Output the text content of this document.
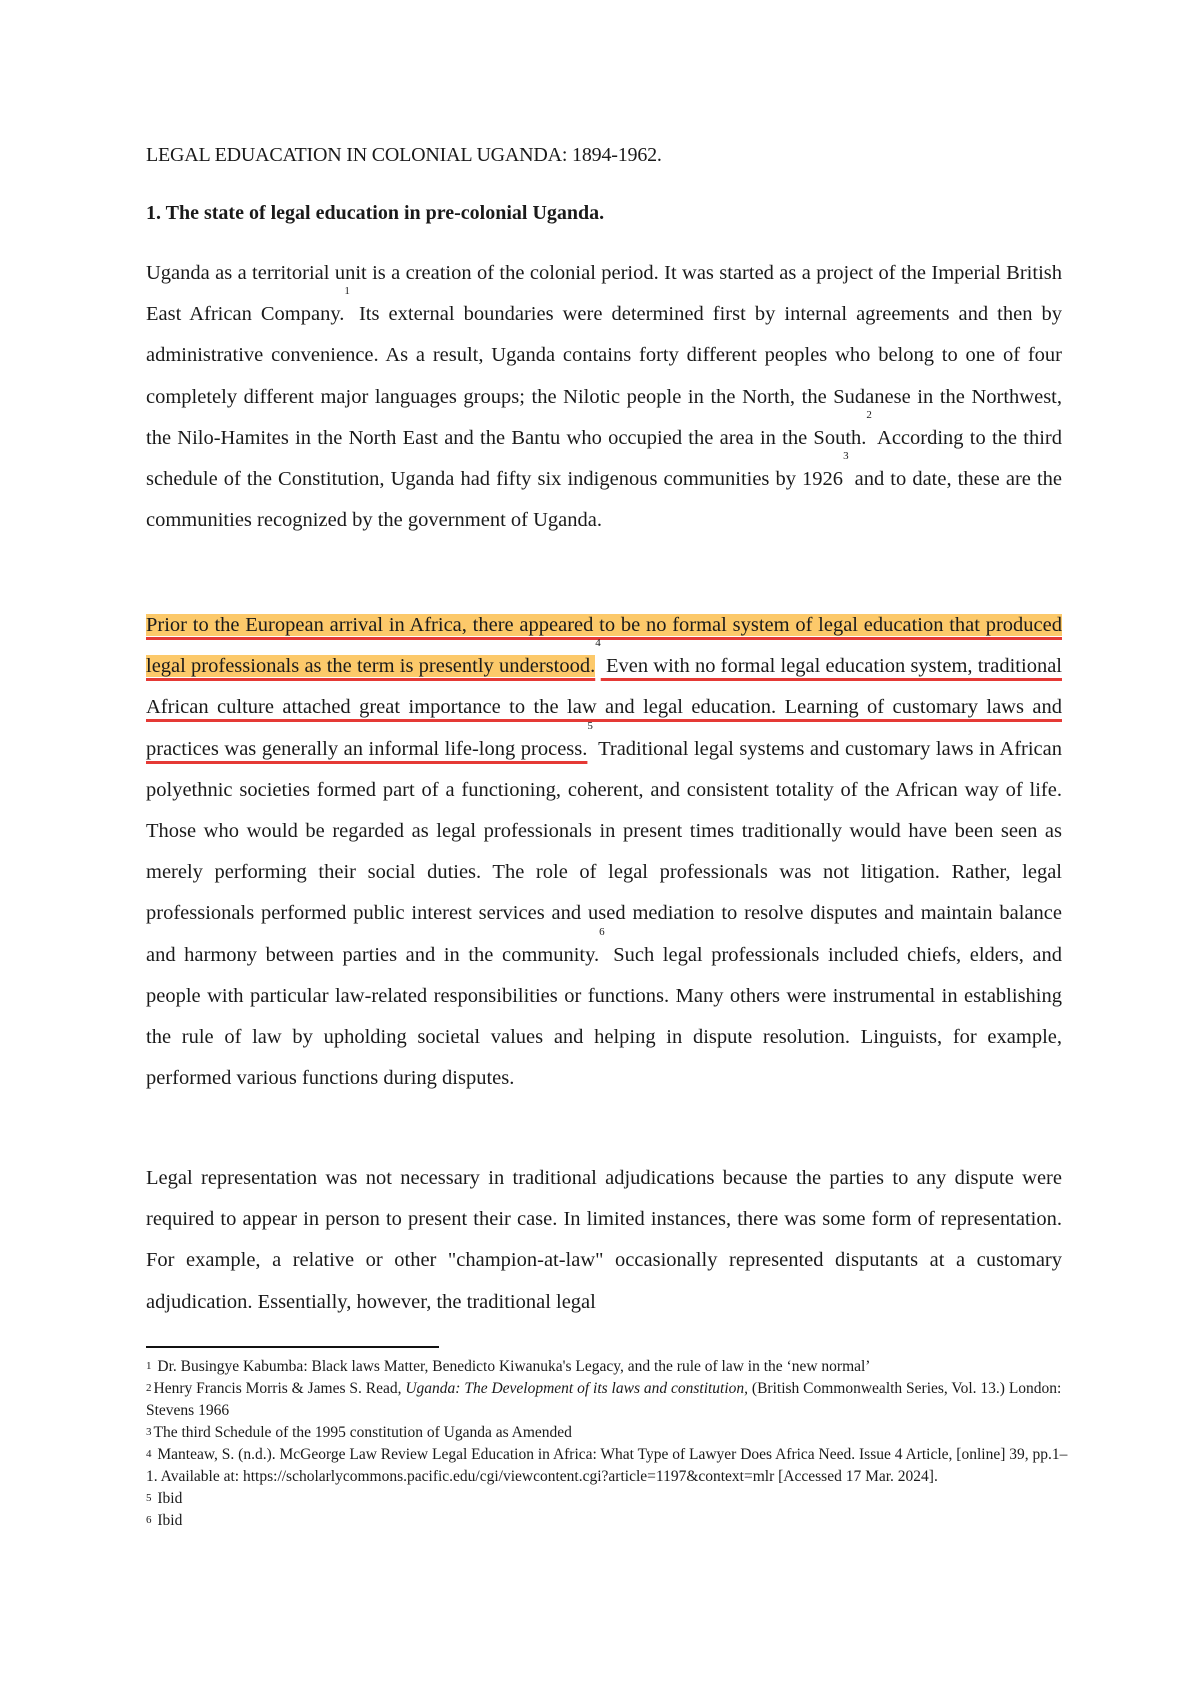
LEGAL EDUACATION IN COLONIAL UGANDA: 1894-1962.
1. The state of legal education in pre-colonial Uganda.

Uganda as a territorial unit is a creation of the colonial period. It was started as a project of the Imperial British East African Company.$^1$ Its external boundaries were determined first by internal agreements and then by administrative convenience. As a result, Uganda contains forty different peoples who belong to one of four completely different major languages groups; the Nilotic people in the North, the Sudanese in the Northwest, the Nilo-Hamites in the North East and the Bantu who occupied the area in the South.$^2$ According to the third schedule of the Constitution, Uganda had fifty six indigenous communities by 1926$^3$ and to date, these are the communities recognized by the government of Uganda.

Prior to the European arrival in Africa, there appeared to be no formal system of legal education that produced legal professionals as the term is presently understood.$^4$ Even with no formal legal education system, traditional African culture attached great importance to the law and legal education. Learning of customary laws and practices was generally an informal life-long process.$^5$ Traditional legal systems and customary laws in African polyethnic societies formed part of a functioning, coherent, and consistent totality of the African way of life. Those who would be regarded as legal professionals in present times traditionally would have been seen as merely performing their social duties. The role of legal professionals was not litigation. Rather, legal professionals performed public interest services and used mediation to resolve disputes and maintain balance and harmony between parties and in the community.$^6$ Such legal professionals included chiefs, elders, and people with particular law-related responsibilities or functions. Many others were instrumental in establishing the rule of law by upholding societal values and helping in dispute resolution. Linguists, for example, performed various functions during disputes.

Legal representation was not necessary in traditional adjudications because the parties to any dispute were required to appear in person to present their case. In limited instances, there was some form of representation. For example, a relative or other "champion-at-law" occasionally represented disputants at a customary adjudication. Essentially, however, the traditional legal

$^1$ Dr. Busingye Kabumba: Black laws Matter, Benedicto Kiwanuka's Legacy, and the rule of law in the ‘new normal’

$^2$ Henry Francis Morris & James S. Read, Uganda: The Development of its laws and constitution, (British Commonwealth Series, Vol. 13.) London: Stevens 1966

$^3$ The third Schedule of the 1995 constitution of Uganda as Amended

$^4$ Manteaw, S. (n.d.). McGeorge Law Review Legal Education in Africa: What Type of Lawyer Does Africa Need. Issue 4 Article, [online] 39, pp.1–1. Available at: https://scholarlycommons.pacific.edu/cgi/viewcontent.cgi?article=1197&context=mlr [Accessed 17 Mar. 2024].

$^5$ Ibid

$^6$ Ibid
